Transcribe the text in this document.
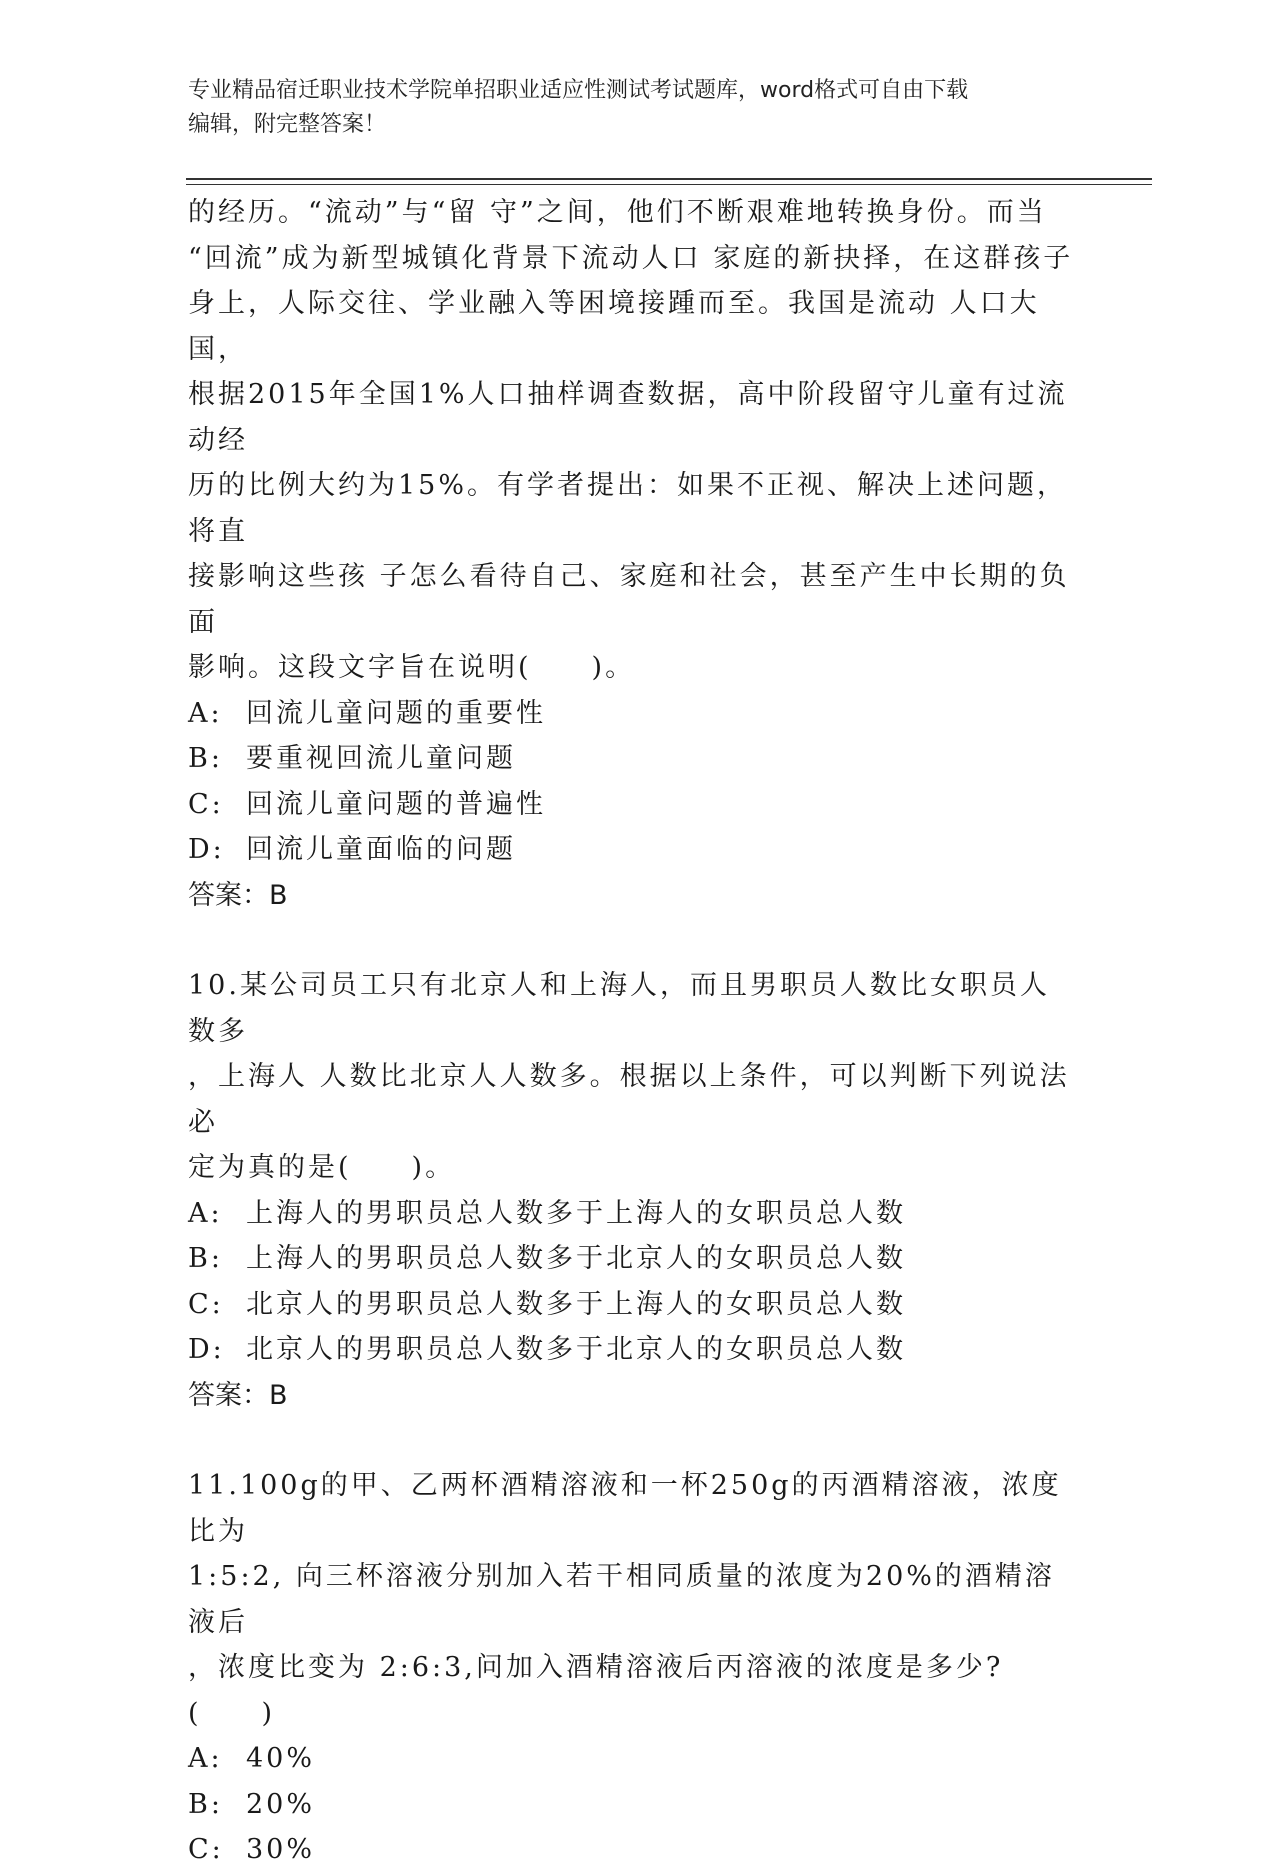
专业精品宿迁职业技术学院单招职业适应性测试考试题库，word格式可自由下载
编辑，附完整答案！

的经历。“流动”与“留 守”之间，他们不断艰难地转换身份。而当

“回流”成为新型城镇化背景下流动人口 家庭的新抉择，在这群孩子

身上，人际交往、学业融入等困境接踵而至。我国是流动 人口大国，

根据2015年全国1%人口抽样调查数据，高中阶段留守儿童有过流动经

历的比例大约为15%。有学者提出：如果不正视、解决上述问题，将直

接影响这些孩 子怎么看待自己、家庭和社会，甚至产生中长期的负面

影响。这段文字旨在说明(　　)。

A: 回流儿童问题的重要性
B: 要重视回流儿童问题
C: 回流儿童问题的普遍性
D: 回流儿童面临的问题

答案：B

10.某公司员工只有北京人和上海人，而且男职员人数比女职员人数多

，上海人 人数比北京人人数多。根据以上条件，可以判断下列说法必

定为真的是(　　)。

A: 上海人的男职员总人数多于上海人的女职员总人数
B: 上海人的男职员总人数多于北京人的女职员总人数
C: 北京人的男职员总人数多于上海人的女职员总人数
D: 北京人的男职员总人数多于北京人的女职员总人数

答案：B

11.100g的甲、乙两杯酒精溶液和一杯250g的丙酒精溶液，浓度比为

1:5:2, 向三杯溶液分别加入若干相同质量的浓度为20%的酒精溶液后

，浓度比变为 2:6:3,问加入酒精溶液后丙溶液的浓度是多少?(　　)

A: 40%
B: 20%
C: 30%
